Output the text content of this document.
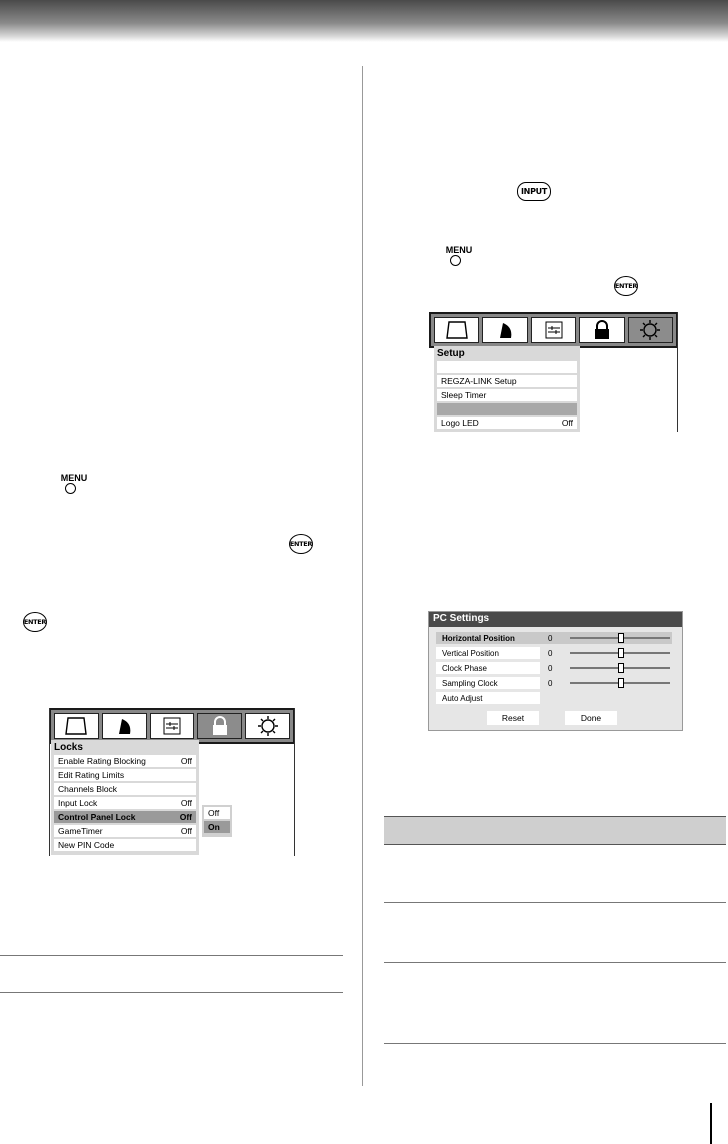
INPUT
MENU
ENTER
MENU
ENTER
ENTER
Setup
REGZA-LINK Setup
Sleep Timer
Logo LED	Off
Locks
Enable Rating Blocking	Off
Edit Rating Limits
Channels Block
Input Lock	Off
Control Panel Lock	Off
GameTimer	Off
New PIN Code
Off
On
PC Settings
Horizontal Position	0
Vertical Position	0
Clock Phase	0
Sampling Clock	0
Auto Adjust
Reset	Done
